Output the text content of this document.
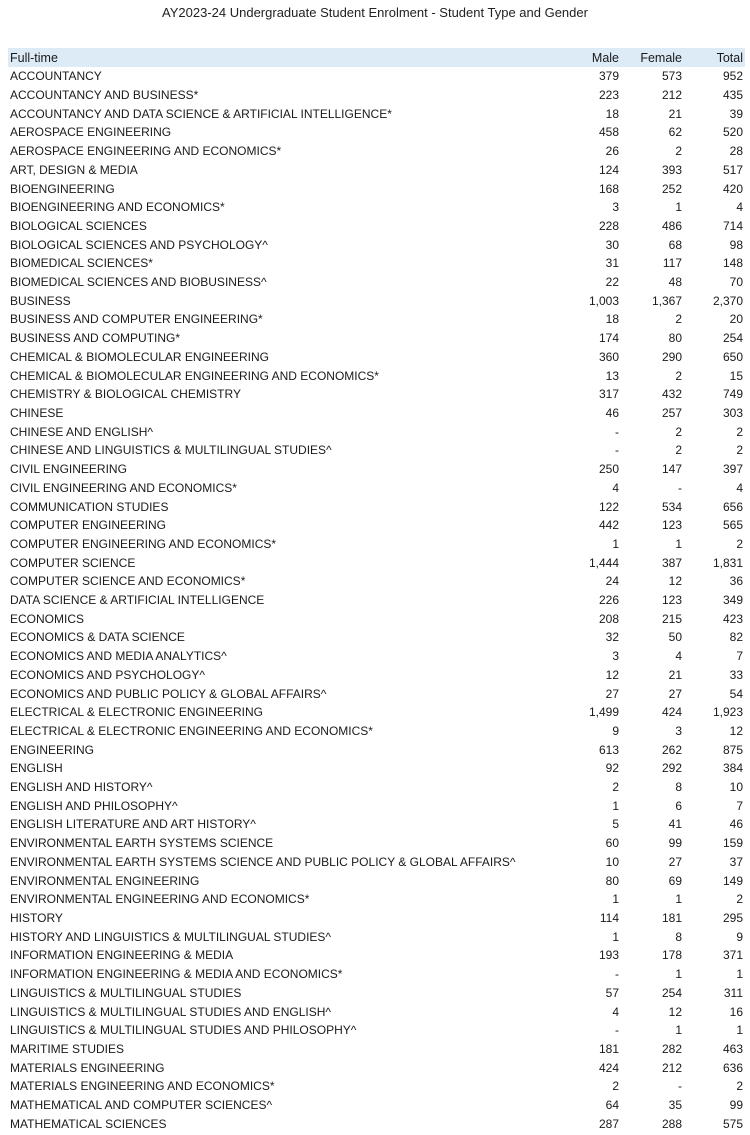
AY2023-24 Undergraduate Student Enrolment - Student Type and Gender
Full-time	Male	Female	Total
ACCOUNTANCY	379	573	952
ACCOUNTANCY AND BUSINESS*	223	212	435
ACCOUNTANCY AND DATA SCIENCE & ARTIFICIAL INTELLIGENCE*	18	21	39
AEROSPACE ENGINEERING	458	62	520
AEROSPACE ENGINEERING AND ECONOMICS*	26	2	28
ART, DESIGN & MEDIA	124	393	517
BIOENGINEERING	168	252	420
BIOENGINEERING AND ECONOMICS*	3	1	4
BIOLOGICAL SCIENCES	228	486	714
BIOLOGICAL SCIENCES AND PSYCHOLOGY^	30	68	98
BIOMEDICAL SCIENCES*	31	117	148
BIOMEDICAL SCIENCES AND BIOBUSINESS^	22	48	70
BUSINESS	1,003	1,367	2,370
BUSINESS AND COMPUTER ENGINEERING*	18	2	20
BUSINESS AND COMPUTING*	174	80	254
CHEMICAL & BIOMOLECULAR ENGINEERING	360	290	650
CHEMICAL & BIOMOLECULAR ENGINEERING AND ECONOMICS*	13	2	15
CHEMISTRY & BIOLOGICAL CHEMISTRY	317	432	749
CHINESE	46	257	303
CHINESE AND ENGLISH^	-	2	2
CHINESE AND LINGUISTICS & MULTILINGUAL STUDIES^	-	2	2
CIVIL ENGINEERING	250	147	397
CIVIL ENGINEERING AND ECONOMICS*	4	-	4
COMMUNICATION STUDIES	122	534	656
COMPUTER ENGINEERING	442	123	565
COMPUTER ENGINEERING AND ECONOMICS*	1	1	2
COMPUTER SCIENCE	1,444	387	1,831
COMPUTER SCIENCE AND ECONOMICS*	24	12	36
DATA SCIENCE & ARTIFICIAL INTELLIGENCE	226	123	349
ECONOMICS	208	215	423
ECONOMICS & DATA SCIENCE	32	50	82
ECONOMICS AND MEDIA ANALYTICS^	3	4	7
ECONOMICS AND PSYCHOLOGY^	12	21	33
ECONOMICS AND PUBLIC POLICY & GLOBAL AFFAIRS^	27	27	54
ELECTRICAL & ELECTRONIC ENGINEERING	1,499	424	1,923
ELECTRICAL & ELECTRONIC ENGINEERING AND ECONOMICS*	9	3	12
ENGINEERING	613	262	875
ENGLISH	92	292	384
ENGLISH AND HISTORY^	2	8	10
ENGLISH AND PHILOSOPHY^	1	6	7
ENGLISH LITERATURE AND ART HISTORY^	5	41	46
ENVIRONMENTAL EARTH SYSTEMS SCIENCE	60	99	159
ENVIRONMENTAL EARTH SYSTEMS SCIENCE AND PUBLIC POLICY & GLOBAL AFFAIRS^	10	27	37
ENVIRONMENTAL ENGINEERING	80	69	149
ENVIRONMENTAL ENGINEERING AND ECONOMICS*	1	1	2
HISTORY	114	181	295
HISTORY AND LINGUISTICS & MULTILINGUAL STUDIES^	1	8	9
INFORMATION ENGINEERING & MEDIA	193	178	371
INFORMATION ENGINEERING & MEDIA AND ECONOMICS*	-	1	1
LINGUISTICS & MULTILINGUAL STUDIES	57	254	311
LINGUISTICS & MULTILINGUAL STUDIES AND ENGLISH^	4	12	16
LINGUISTICS & MULTILINGUAL STUDIES AND PHILOSOPHY^	-	1	1
MARITIME STUDIES	181	282	463
MATERIALS ENGINEERING	424	212	636
MATERIALS ENGINEERING AND ECONOMICS*	2	-	2
MATHEMATICAL AND COMPUTER SCIENCES^	64	35	99
MATHEMATICAL SCIENCES	287	288	575
